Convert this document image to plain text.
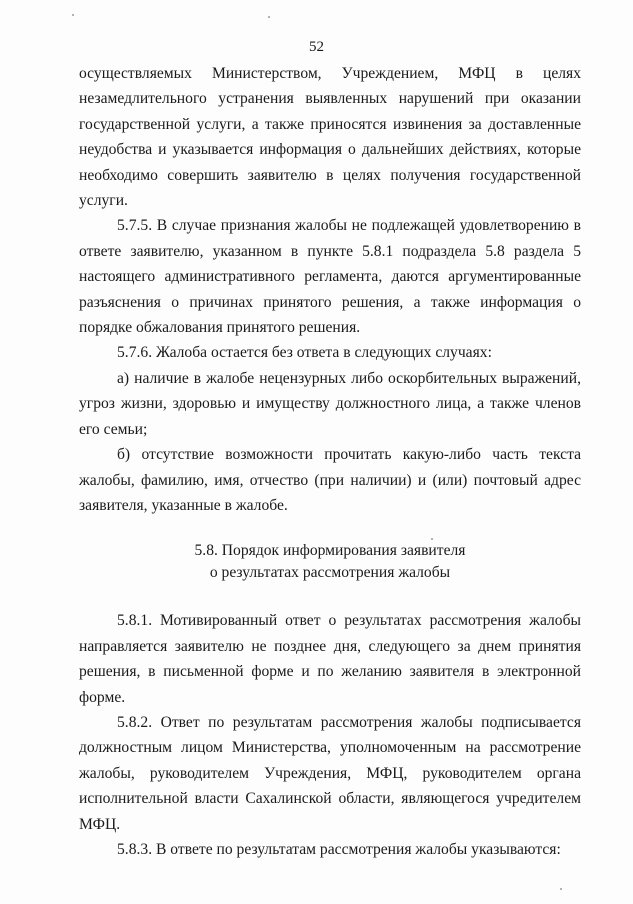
52

осуществляемых Министерством, Учреждением, МФЦ в целях незамедлительного устранения выявленных нарушений при оказании государственной услуги, а также приносятся извинения за доставленные неудобства и указывается информация о дальнейших действиях, которые необходимо совершить заявителю в целях получения государственной услуги.

5.7.5. В случае признания жалобы не подлежащей удовлетворению в ответе заявителю, указанном в пункте 5.8.1 подраздела 5.8 раздела 5 настоящего административного регламента, даются аргументированные разъяснения о причинах принятого решения, а также информация о порядке обжалования принятого решения.

5.7.6. Жалоба остается без ответа в следующих случаях:

а) наличие в жалобе нецензурных либо оскорбительных выражений, угроз жизни, здоровью и имуществу должностного лица, а также членов его семьи;

б) отсутствие возможности прочитать какую-либо часть текста жалобы, фамилию, имя, отчество (при наличии) и (или) почтовый адрес заявителя, указанные в жалобе.

5.8. Порядок информирования заявителя

о результатах рассмотрения жалобы

5.8.1. Мотивированный ответ о результатах рассмотрения жалобы направляется заявителю не позднее дня, следующего за днем принятия решения, в письменной форме и по желанию заявителя в электронной форме.

5.8.2. Ответ по результатам рассмотрения жалобы подписывается должностным лицом Министерства, уполномоченным на рассмотрение жалобы, руководителем Учреждения, МФЦ, руководителем органа исполнительной власти Сахалинской области, являющегося учредителем МФЦ.

5.8.3. В ответе по результатам рассмотрения жалобы указываются:
